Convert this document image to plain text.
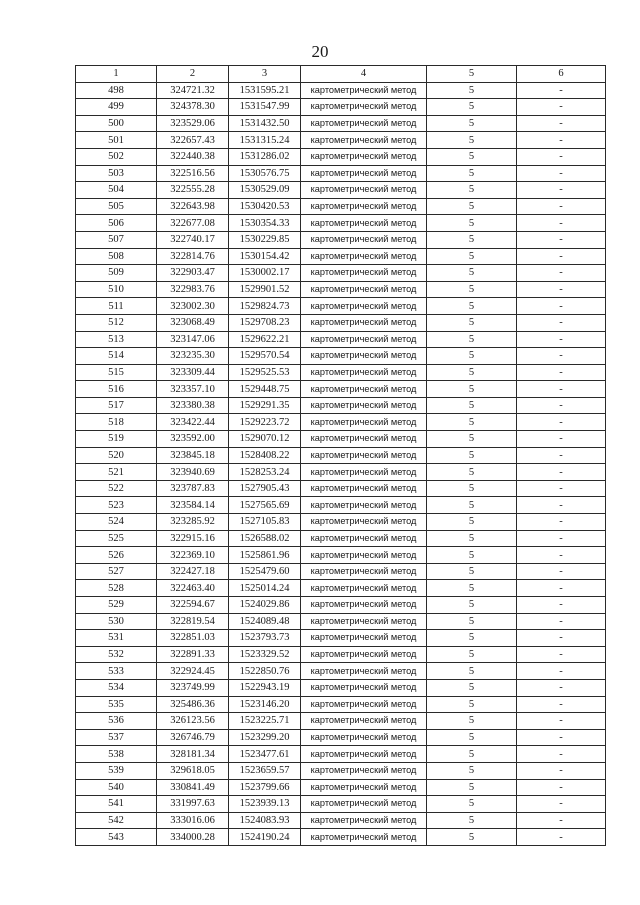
20
1	2	3	4	5	6
498	324721.32	1531595.21	картометрический метод	5	-
499	324378.30	1531547.99	картометрический метод	5	-
500	323529.06	1531432.50	картометрический метод	5	-
501	322657.43	1531315.24	картометрический метод	5	-
502	322440.38	1531286.02	картометрический метод	5	-
503	322516.56	1530576.75	картометрический метод	5	-
504	322555.28	1530529.09	картометрический метод	5	-
505	322643.98	1530420.53	картометрический метод	5	-
506	322677.08	1530354.33	картометрический метод	5	-
507	322740.17	1530229.85	картометрический метод	5	-
508	322814.76	1530154.42	картометрический метод	5	-
509	322903.47	1530002.17	картометрический метод	5	-
510	322983.76	1529901.52	картометрический метод	5	-
511	323002.30	1529824.73	картометрический метод	5	-
512	323068.49	1529708.23	картометрический метод	5	-
513	323147.06	1529622.21	картометрический метод	5	-
514	323235.30	1529570.54	картометрический метод	5	-
515	323309.44	1529525.53	картометрический метод	5	-
516	323357.10	1529448.75	картометрический метод	5	-
517	323380.38	1529291.35	картометрический метод	5	-
518	323422.44	1529223.72	картометрический метод	5	-
519	323592.00	1529070.12	картометрический метод	5	-
520	323845.18	1528408.22	картометрический метод	5	-
521	323940.69	1528253.24	картометрический метод	5	-
522	323787.83	1527905.43	картометрический метод	5	-
523	323584.14	1527565.69	картометрический метод	5	-
524	323285.92	1527105.83	картометрический метод	5	-
525	322915.16	1526588.02	картометрический метод	5	-
526	322369.10	1525861.96	картометрический метод	5	-
527	322427.18	1525479.60	картометрический метод	5	-
528	322463.40	1525014.24	картометрический метод	5	-
529	322594.67	1524029.86	картометрический метод	5	-
530	322819.54	1524089.48	картометрический метод	5	-
531	322851.03	1523793.73	картометрический метод	5	-
532	322891.33	1523329.52	картометрический метод	5	-
533	322924.45	1522850.76	картометрический метод	5	-
534	323749.99	1522943.19	картометрический метод	5	-
535	325486.36	1523146.20	картометрический метод	5	-
536	326123.56	1523225.71	картометрический метод	5	-
537	326746.79	1523299.20	картометрический метод	5	-
538	328181.34	1523477.61	картометрический метод	5	-
539	329618.05	1523659.57	картометрический метод	5	-
540	330841.49	1523799.66	картометрический метод	5	-
541	331997.63	1523939.13	картометрический метод	5	-
542	333016.06	1524083.93	картометрический метод	5	-
543	334000.28	1524190.24	картометрический метод	5	-
